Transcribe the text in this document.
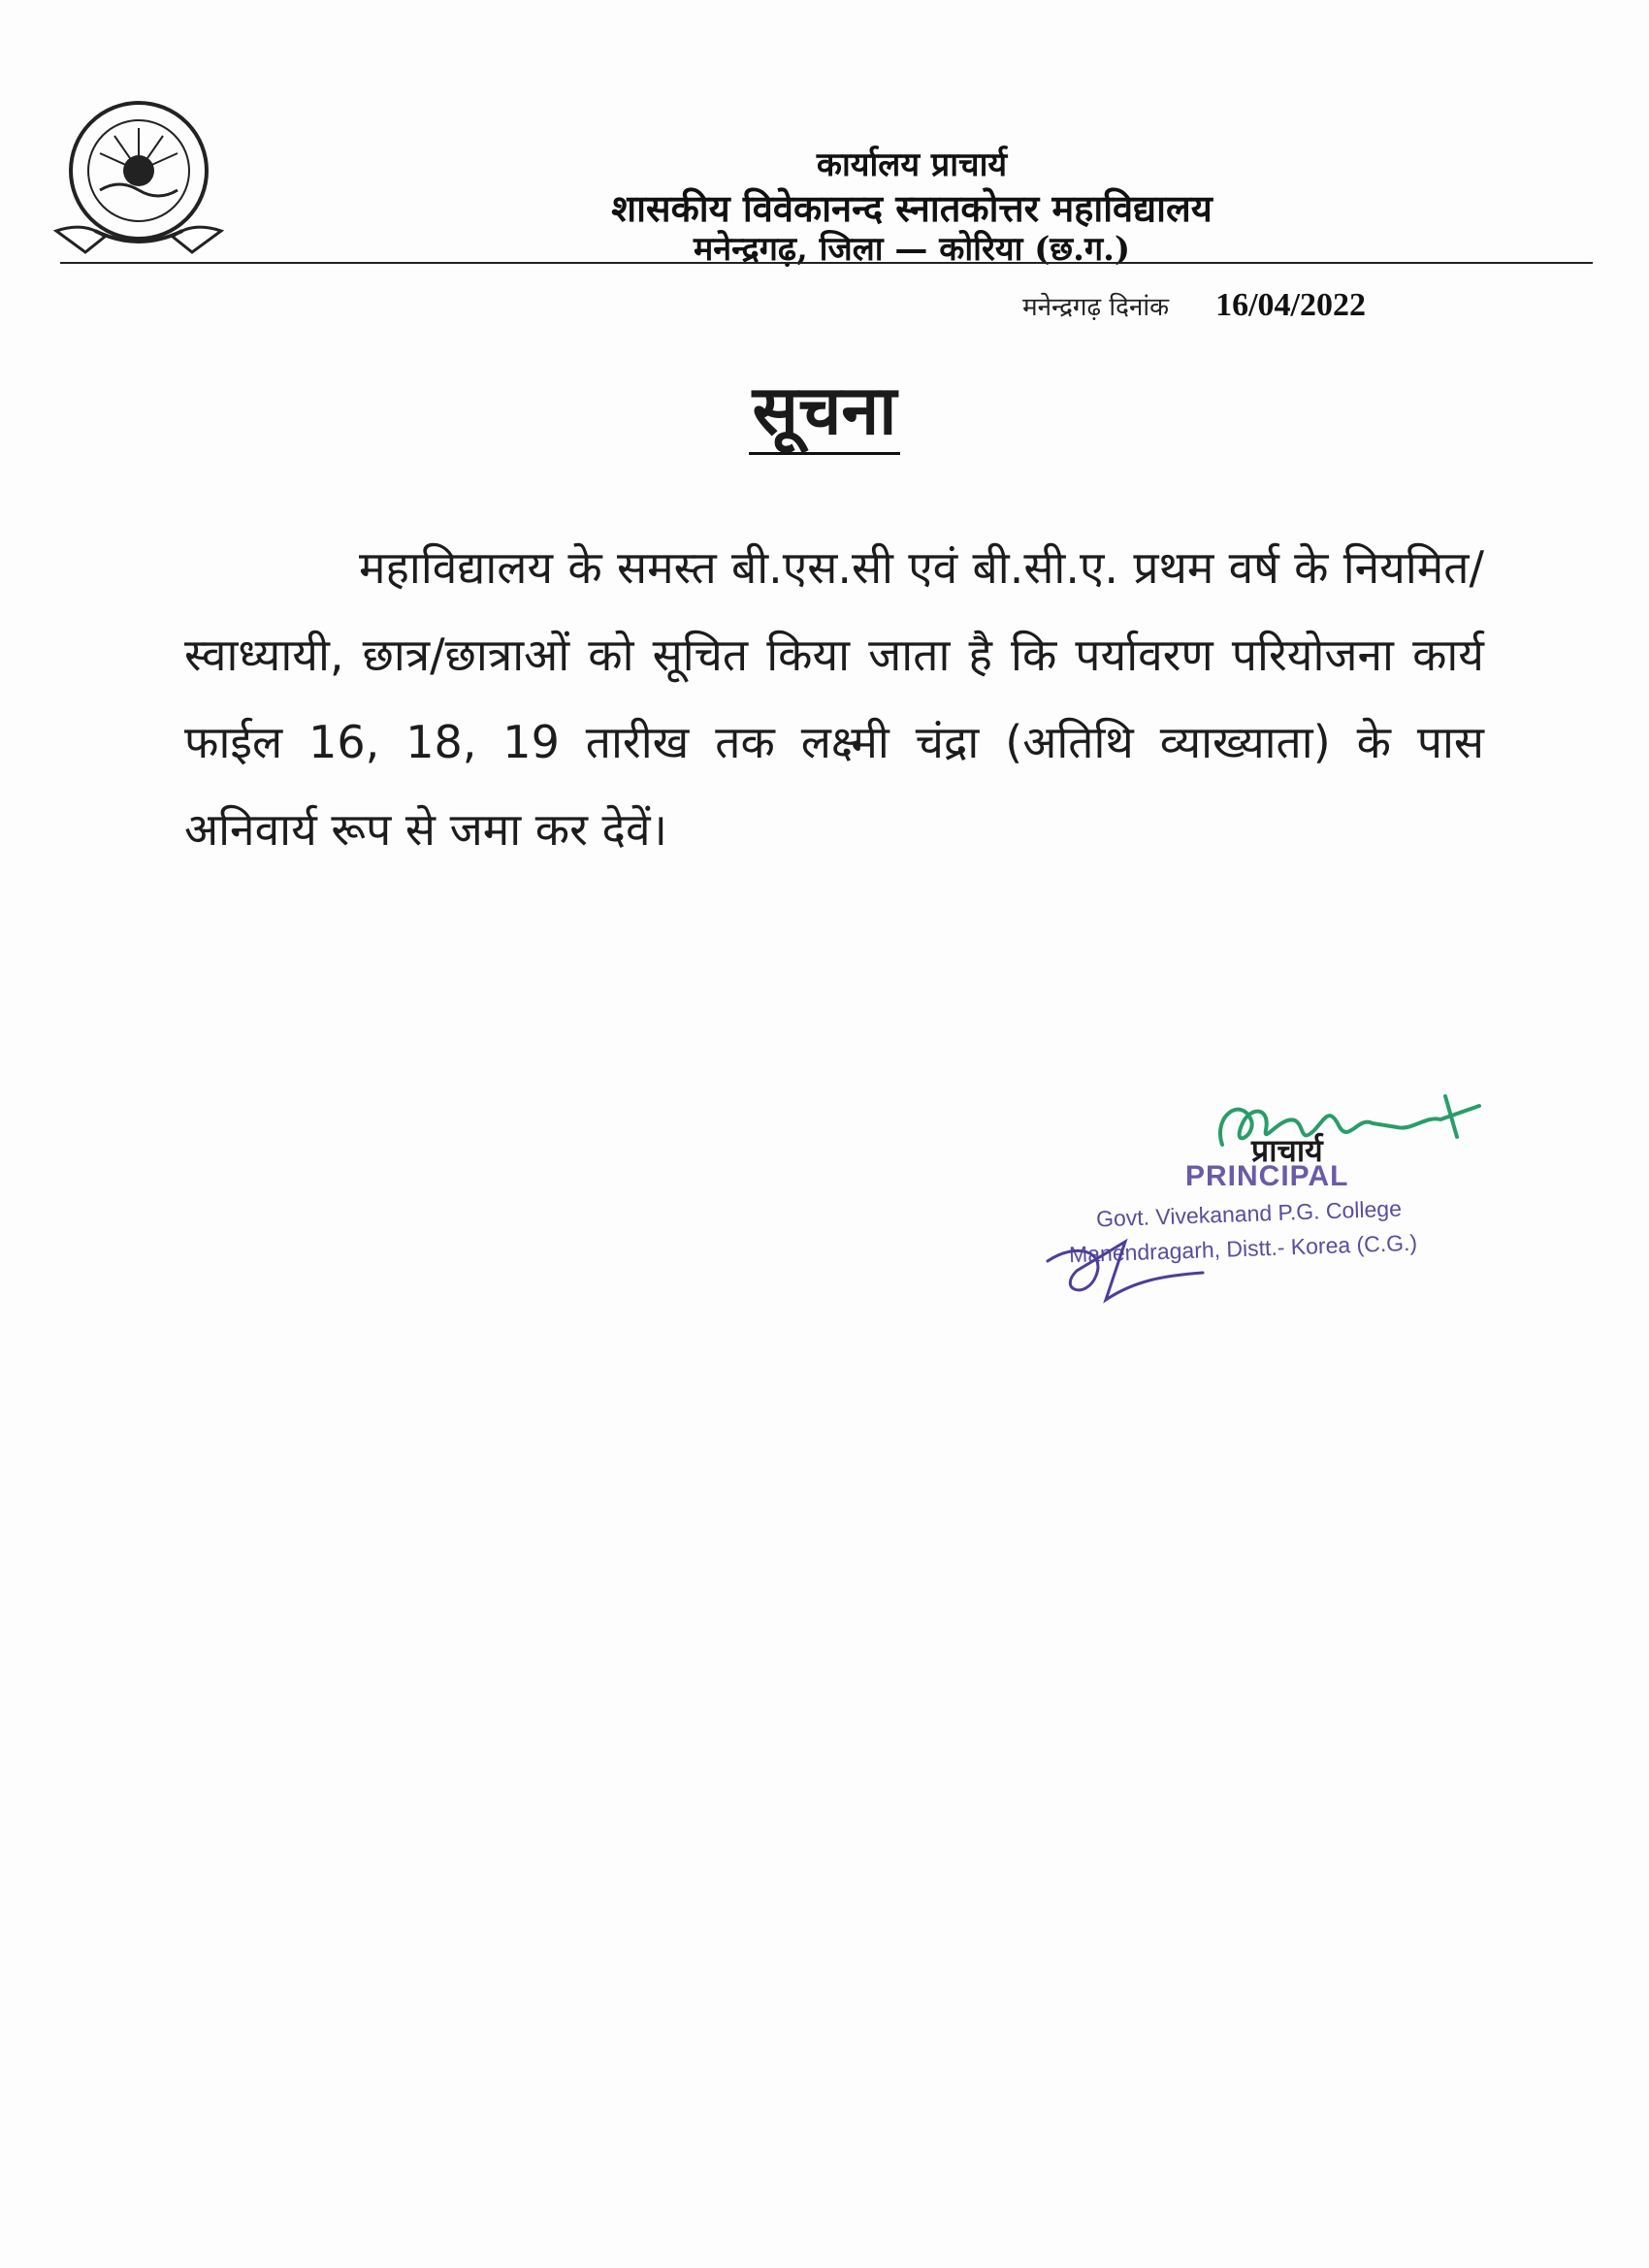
कार्यालय प्राचार्य
शासकीय विवेकानन्द स्नातकोत्तर महाविद्यालय
मनेन्द्रगढ़, जिला — कोरिया (छ.ग.)
मनेन्द्रगढ़ दिनांक 16/04/2022
सूचना

महाविद्यालय के समस्त बी.एस.सी एवं बी.सी.ए. प्रथम वर्ष के नियमित/स्वाध्यायी, छात्र/छात्राओं को सूचित किया जाता है कि पर्यावरण परियोजना कार्य फाईल 16, 18, 19 तारीख तक लक्ष्मी चंद्रा (अतिथि व्याख्याता) के पास अनिवार्य रूप से जमा कर देवें।

प्राचार्य
PRINCIPAL
Govt. Vivekanand P.G. College
Manendragarh, Distt.- Korea (C.G.)
